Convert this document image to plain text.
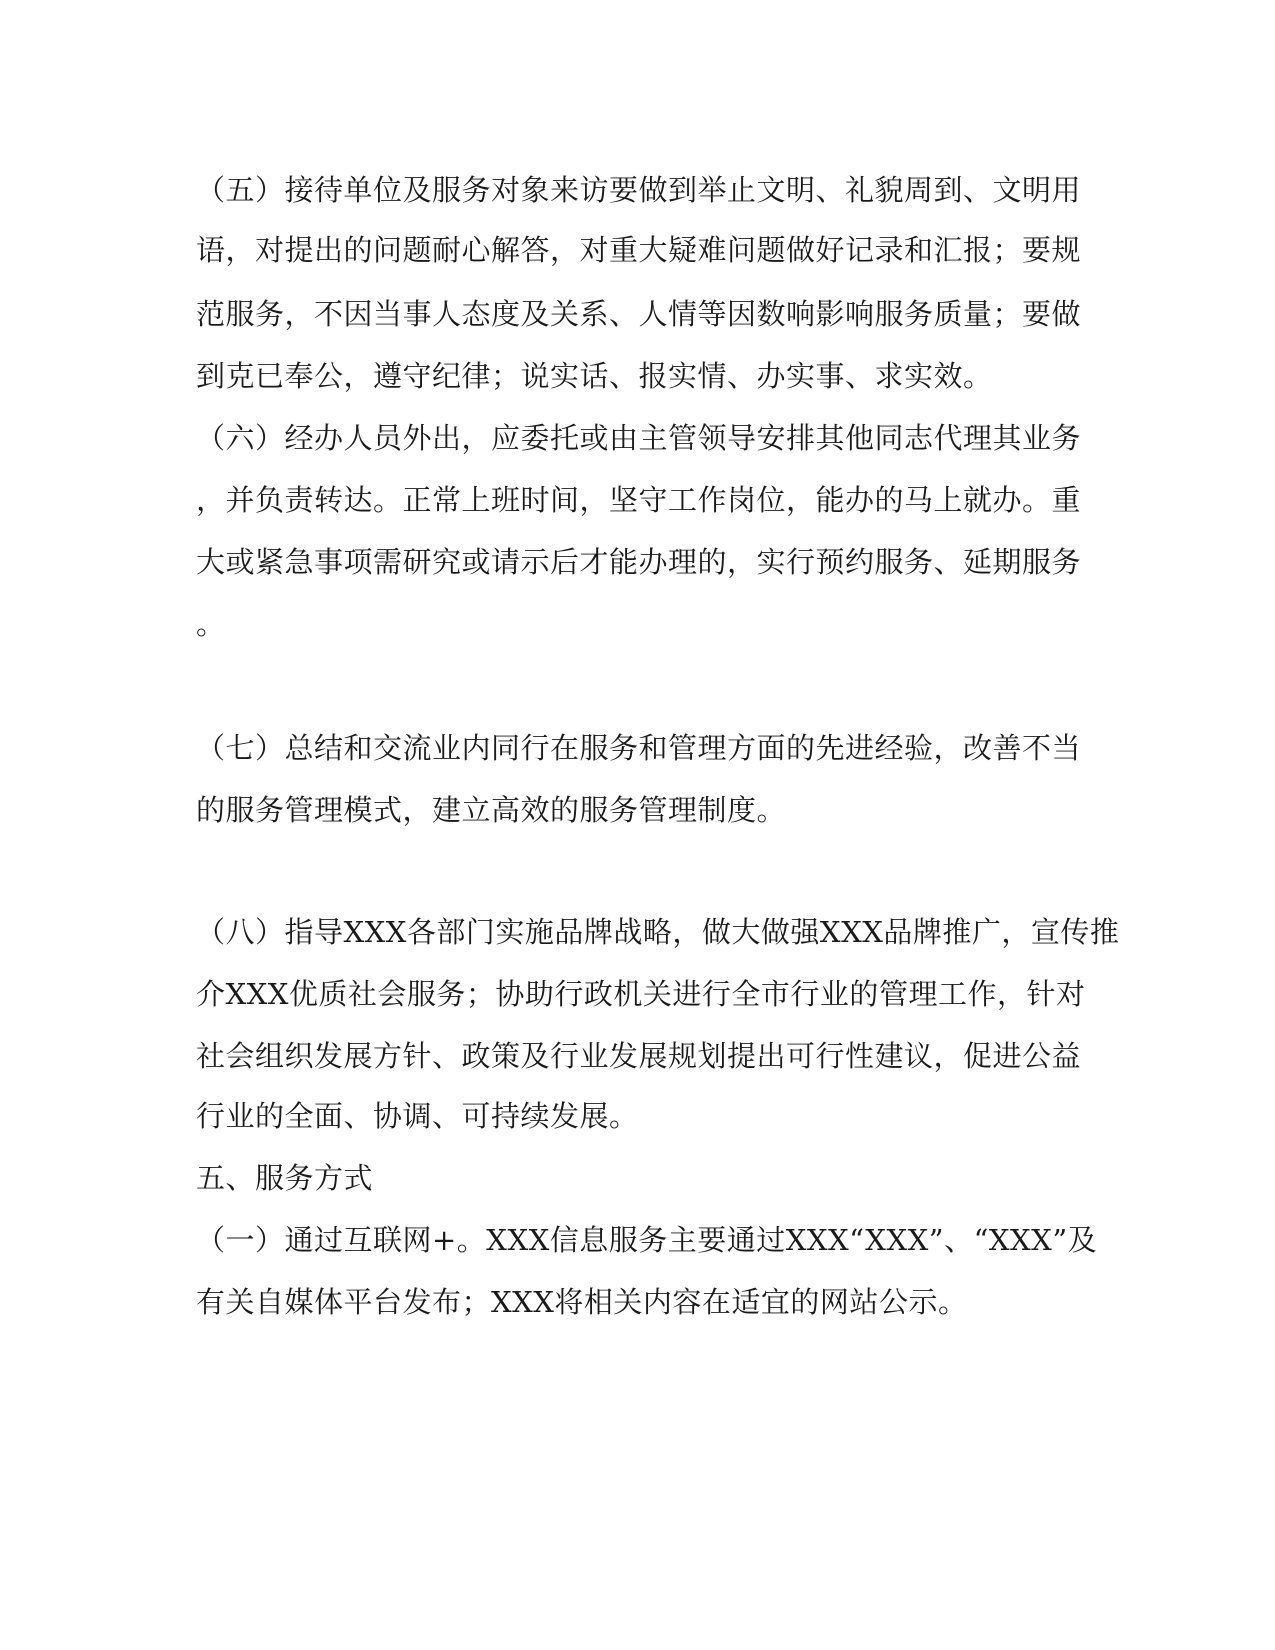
（五）接待单位及服务对象来访要做到举止文明、礼貌周到、文明用
语，对提出的问题耐心解答，对重大疑难问题做好记录和汇报；要规
范服务，不因当事人态度及关系、人情等因数响影响服务质量；要做
到克已奉公，遵守纪律；说实话、报实情、办实事、求实效。
（六）经办人员外出，应委托或由主管领导安排其他同志代理其业务
，并负责转达。正常上班时间，坚守工作岗位，能办的马上就办。重
大或紧急事项需研究或请示后才能办理的，实行预约服务、延期服务
。
（七）总结和交流业内同行在服务和管理方面的先进经验，改善不当
的服务管理模式，建立高效的服务管理制度。
（八）指导XXX各部门实施品牌战略，做大做强XXX品牌推广，宣传推
介XXX优质社会服务；协助行政机关进行全市行业的管理工作，针对
社会组织发展方针、政策及行业发展规划提出可行性建议，促进公益
行业的全面、协调、可持续发展。
五、服务方式
（一）通过互联网+。XXX信息服务主要通过XXX“XXX”、“XXX”及
有关自媒体平台发布；XXX将相关内容在适宜的网站公示。
